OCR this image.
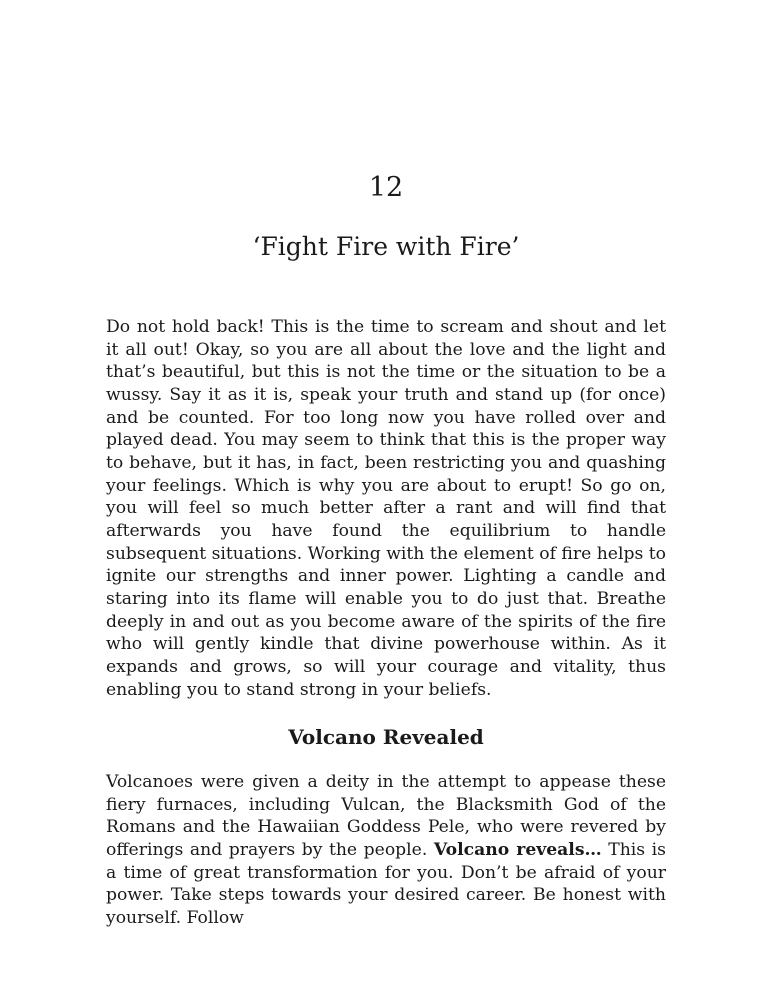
12
‘Fight Fire with Fire’

Do not hold back! This is the time to scream and shout and let it all out! Okay, so you are all about the love and the light and that’s beautiful, but this is not the time or the situation to be a wussy. Say it as it is, speak your truth and stand up (for once) and be counted. For too long now you have rolled over and played dead. You may seem to think that this is the proper way to behave, but it has, in fact, been restricting you and quashing your feelings. Which is why you are about to erupt! So go on, you will feel so much better after a rant and will find that afterwards you have found the equilibrium to handle subsequent situations. Working with the element of fire helps to ignite our strengths and inner power. Lighting a candle and staring into its flame will enable you to do just that. Breathe deeply in and out as you become aware of the spirits of the fire who will gently kindle that divine powerhouse within. As it expands and grows, so will your courage and vitality, thus enabling you to stand strong in your beliefs.

Volcano Revealed

Volcanoes were given a deity in the attempt to appease these fiery furnaces, including Vulcan, the Blacksmith God of the Romans and the Hawaiian Goddess Pele, who were revered by offerings and prayers by the people. Volcano reveals… This is a time of great transformation for you. Don’t be afraid of your power. Take steps towards your desired career. Be honest with yourself. Follow
